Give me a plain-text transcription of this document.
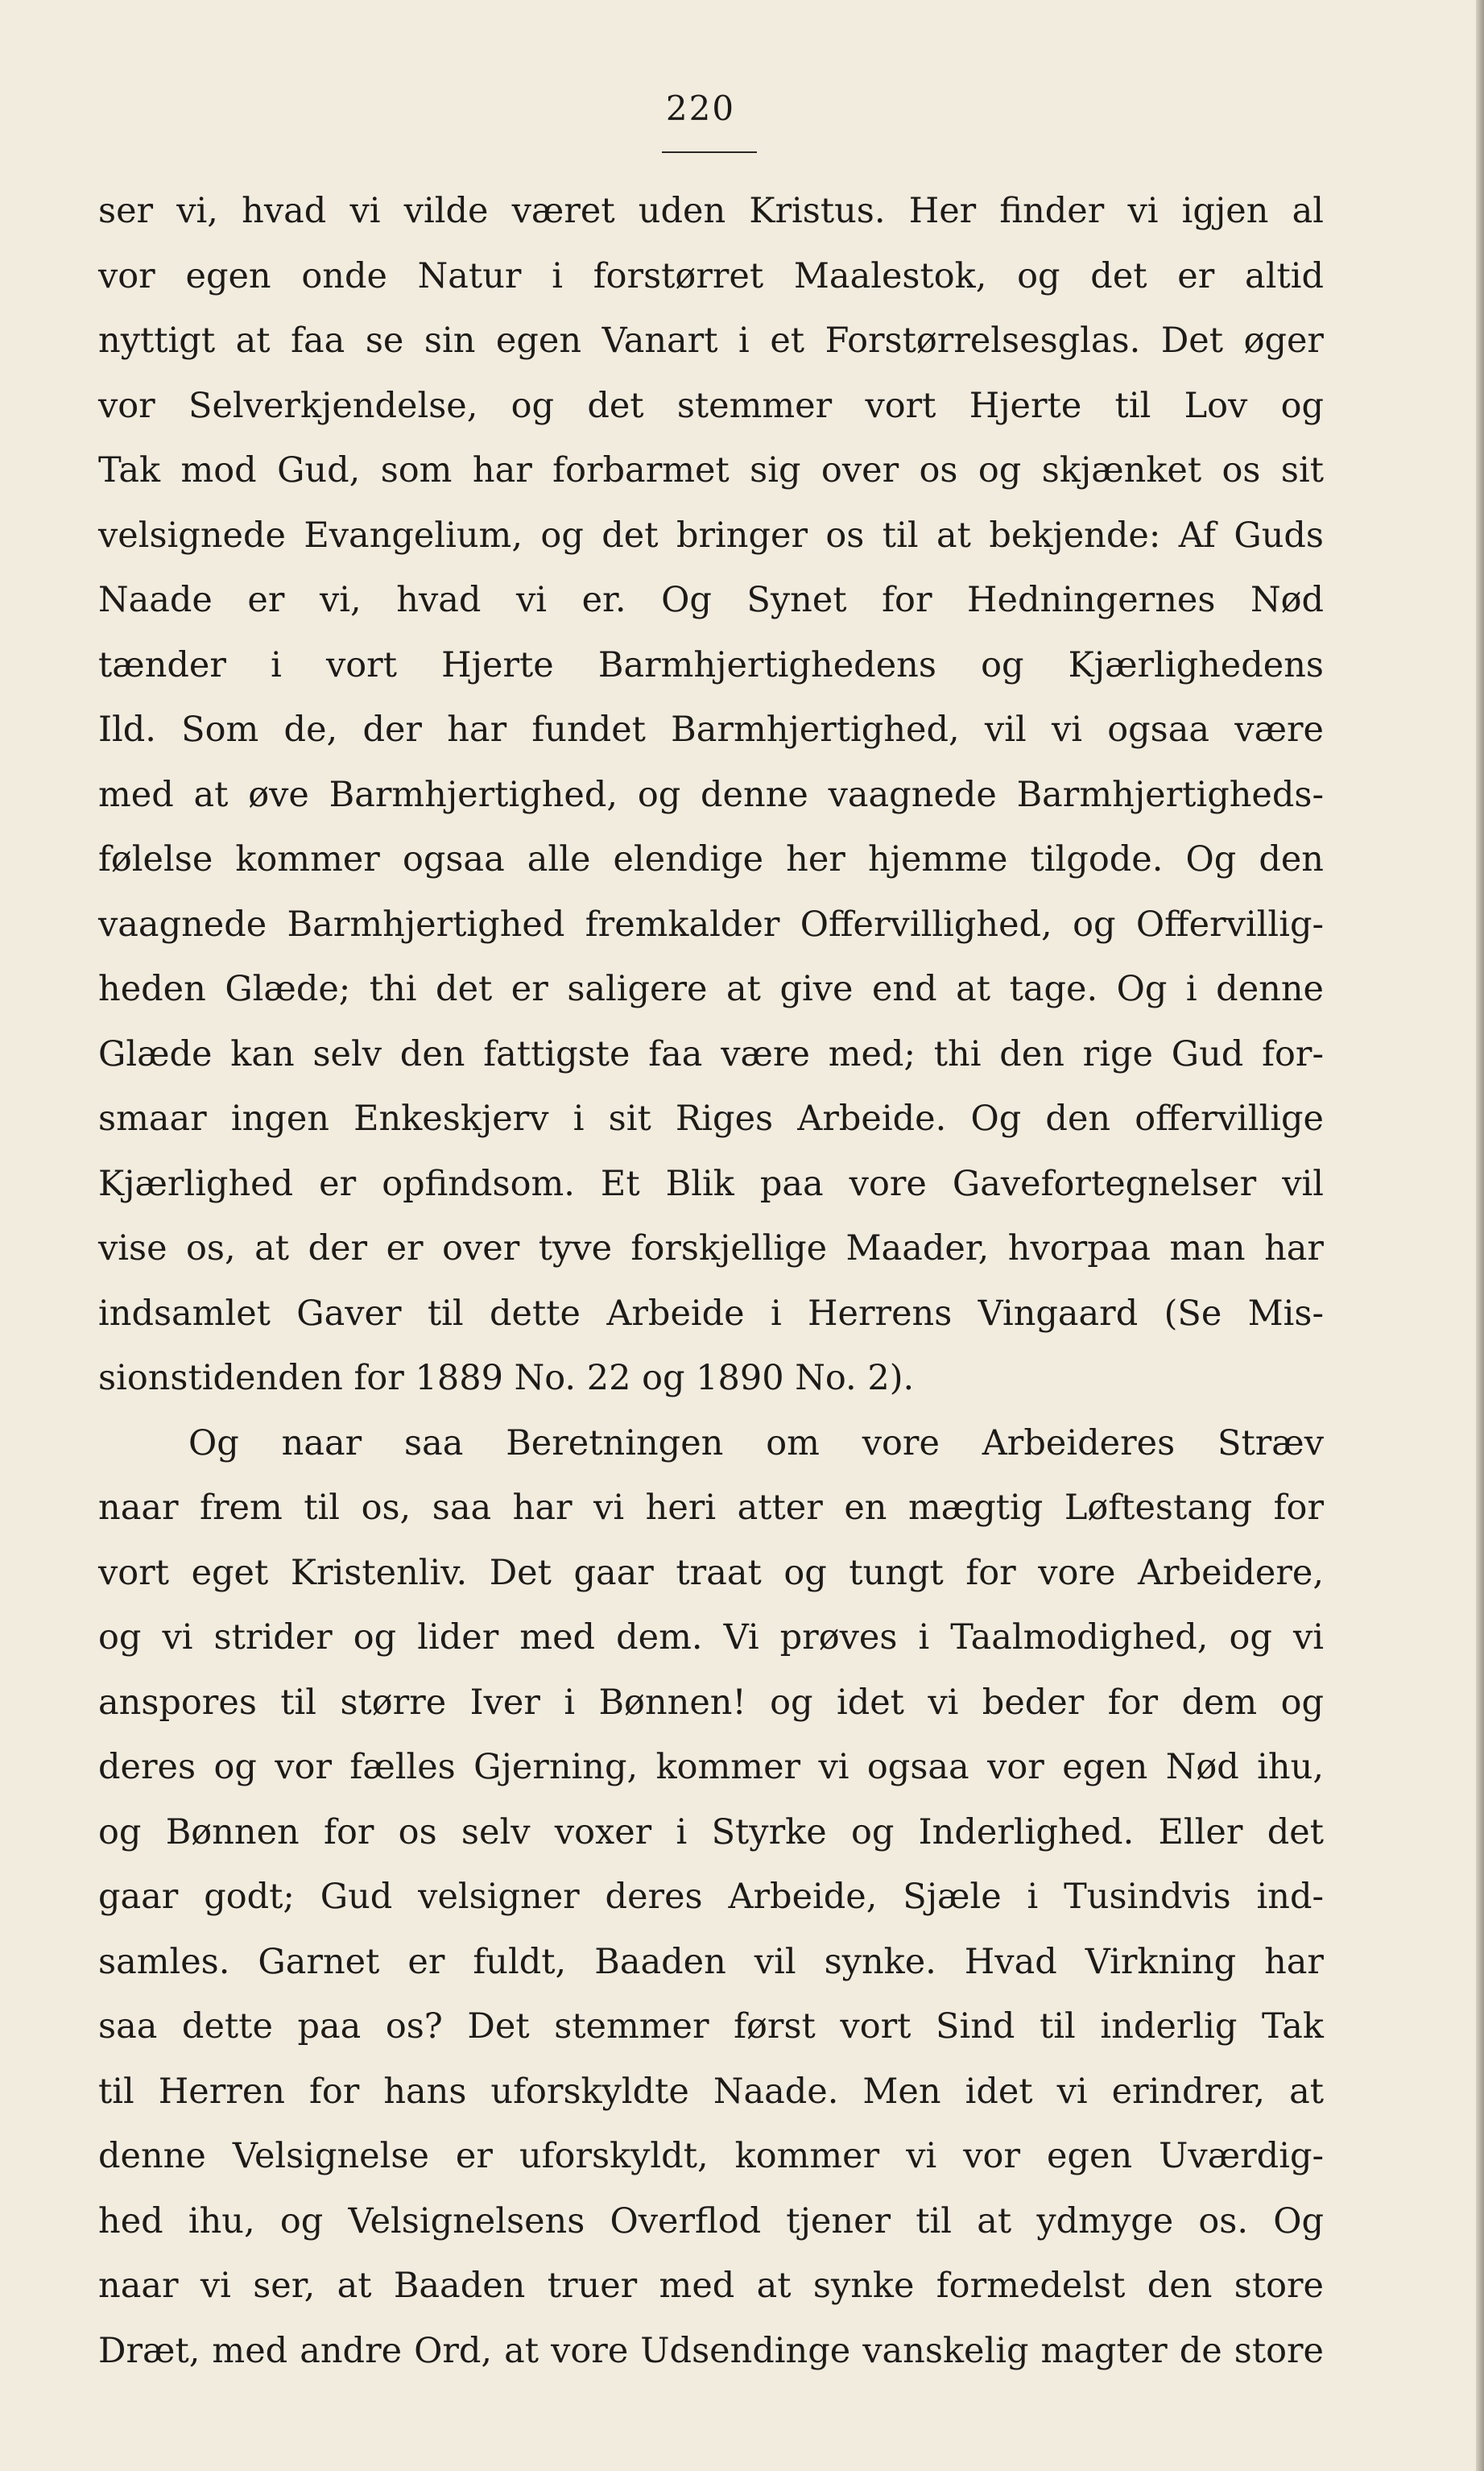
220
ser vi, hvad vi vilde været uden Kristus. Her finder vi igjen al
vor egen onde Natur i forstørret Maalestok, og det er altid
nyttigt at faa se sin egen Vanart i et Forstørrelsesglas. Det øger
vor Selverkjendelse, og det stemmer vort Hjerte til Lov og
Tak mod Gud, som har forbarmet sig over os og skjænket os sit
velsignede Evangelium, og det bringer os til at bekjende: Af Guds
Naade er vi, hvad vi er. Og Synet for Hedningernes Nød
tænder i vort Hjerte Barmhjertighedens og Kjærlighedens
Ild. Som de, der har fundet Barmhjertighed, vil vi ogsaa være
med at øve Barmhjertighed, og denne vaagnede Barmhjertigheds-
følelse kommer ogsaa alle elendige her hjemme tilgode. Og den
vaagnede Barmhjertighed fremkalder Offervillighed, og Offervillig-
heden Glæde; thi det er saligere at give end at tage. Og i denne
Glæde kan selv den fattigste faa være med; thi den rige Gud for-
smaar ingen Enkeskjerv i sit Riges Arbeide. Og den offervillige
Kjærlighed er opfindsom. Et Blik paa vore Gavefortegnelser vil
vise os, at der er over tyve forskjellige Maader, hvorpaa man har
indsamlet Gaver til dette Arbeide i Herrens Vingaard (Se Mis-
sionstidenden for 1889 No. 22 og 1890 No. 2).
Og naar saa Beretningen om vore Arbeideres Stræv
naar frem til os, saa har vi heri atter en mægtig Løftestang for
vort eget Kristenliv. Det gaar traat og tungt for vore Arbeidere,
og vi strider og lider med dem. Vi prøves i Taalmodighed, og vi
anspores til større Iver i Bønnen! og idet vi beder for dem og
deres og vor fælles Gjerning, kommer vi ogsaa vor egen Nød ihu,
og Bønnen for os selv voxer i Styrke og Inderlighed. Eller det
gaar godt; Gud velsigner deres Arbeide, Sjæle i Tusindvis ind-
samles. Garnet er fuldt, Baaden vil synke. Hvad Virkning har
saa dette paa os? Det stemmer først vort Sind til inderlig Tak
til Herren for hans uforskyldte Naade. Men idet vi erindrer, at
denne Velsignelse er uforskyldt, kommer vi vor egen Uværdig-
hed ihu, og Velsignelsens Overflod tjener til at ydmyge os. Og
naar vi ser, at Baaden truer med at synke formedelst den store
Dræt, med andre Ord, at vore Udsendinge vanskelig magter de store
